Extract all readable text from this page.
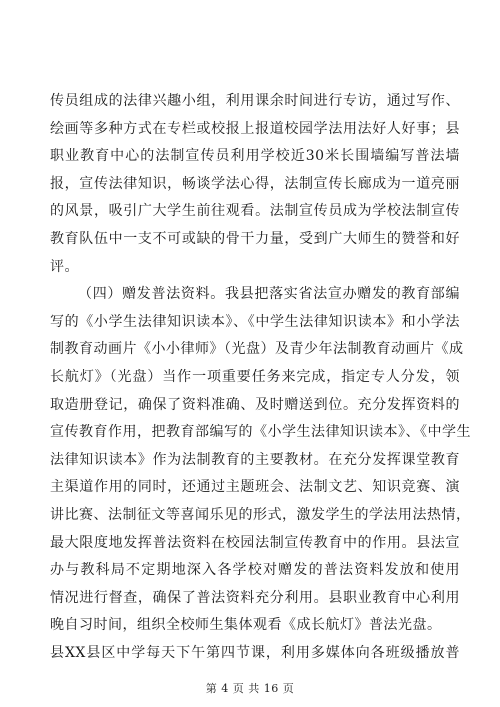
传员组成的法律兴趣小组，利用课余时间进行专访，通过写作、
绘画等多种方式在专栏或校报上报道校园学法用法好人好事；县
职业教育中心的法制宣传员利用学校近30米长围墙编写普法墙
报，宣传法律知识，畅谈学法心得，法制宣传长廊成为一道亮丽
的风景，吸引广大学生前往观看。法制宣传员成为学校法制宣传
教育队伍中一支不可或缺的骨干力量，受到广大师生的赞誉和好
评。
（四）赠发普法资料。我县把落实省法宣办赠发的教育部编
写的《小学生法律知识读本》、《中学生法律知识读本》和小学法
制教育动画片《小小律师》（光盘）及青少年法制教育动画片《成
长航灯》（光盘）当作一项重要任务来完成，指定专人分发，领
取造册登记，确保了资料准确、及时赠送到位。充分发挥资料的
宣传教育作用，把教育部编写的《小学生法律知识读本》、《中学生
法律知识读本》作为法制教育的主要教材。在充分发挥课堂教育
主渠道作用的同时，还通过主题班会、法制文艺、知识竞赛、演
讲比赛、法制征文等喜闻乐见的形式，激发学生的学法用法热情，
最大限度地发挥普法资料在校园法制宣传教育中的作用。县法宣
办与教科局不定期地深入各学校对赠发的普法资料发放和使用
情况进行督查，确保了普法资料充分利用。县职业教育中心利用
晚自习时间，组织全校师生集体观看《成长航灯》普法光盘。
县XX县区中学每天下午第四节课，利用多媒体向各班级播放普
第 4 页 共 16 页
